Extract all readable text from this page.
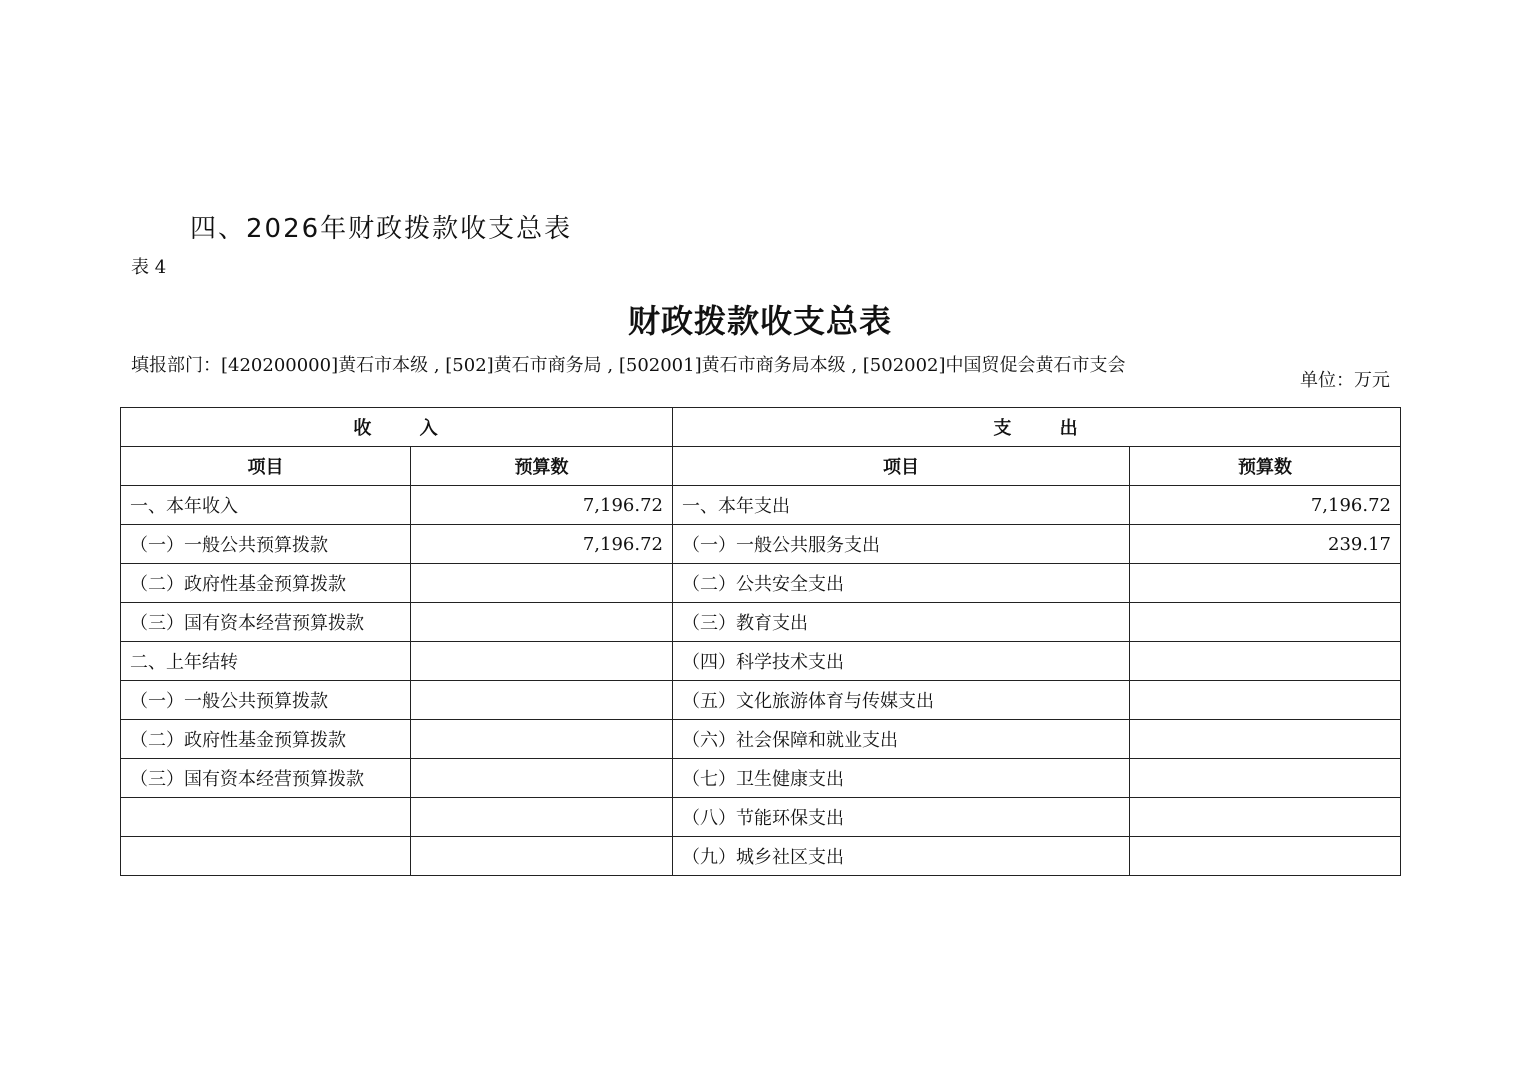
四、2026年财政拨款收支总表
表 4
财政拨款收支总表
填报部门：[420200000]黄石市本级 , [502]黄石市商务局 , [502001]黄石市商务局本级 , [502002]中国贸促会黄石市支会
单位：万元
收 入		支 出	
项目	预算数	项目	预算数
一、本年收入	7,196.72	一、本年支出	7,196.72
（一）一般公共预算拨款	7,196.72	（一）一般公共服务支出	239.17
（二）政府性基金预算拨款		（二）公共安全支出	
（三）国有资本经营预算拨款		（三）教育支出	
二、上年结转		（四）科学技术支出	
（一）一般公共预算拨款		（五）文化旅游体育与传媒支出	
（二）政府性基金预算拨款		（六）社会保障和就业支出	
（三）国有资本经营预算拨款		（七）卫生健康支出	
		（八）节能环保支出	
		（九）城乡社区支出	
